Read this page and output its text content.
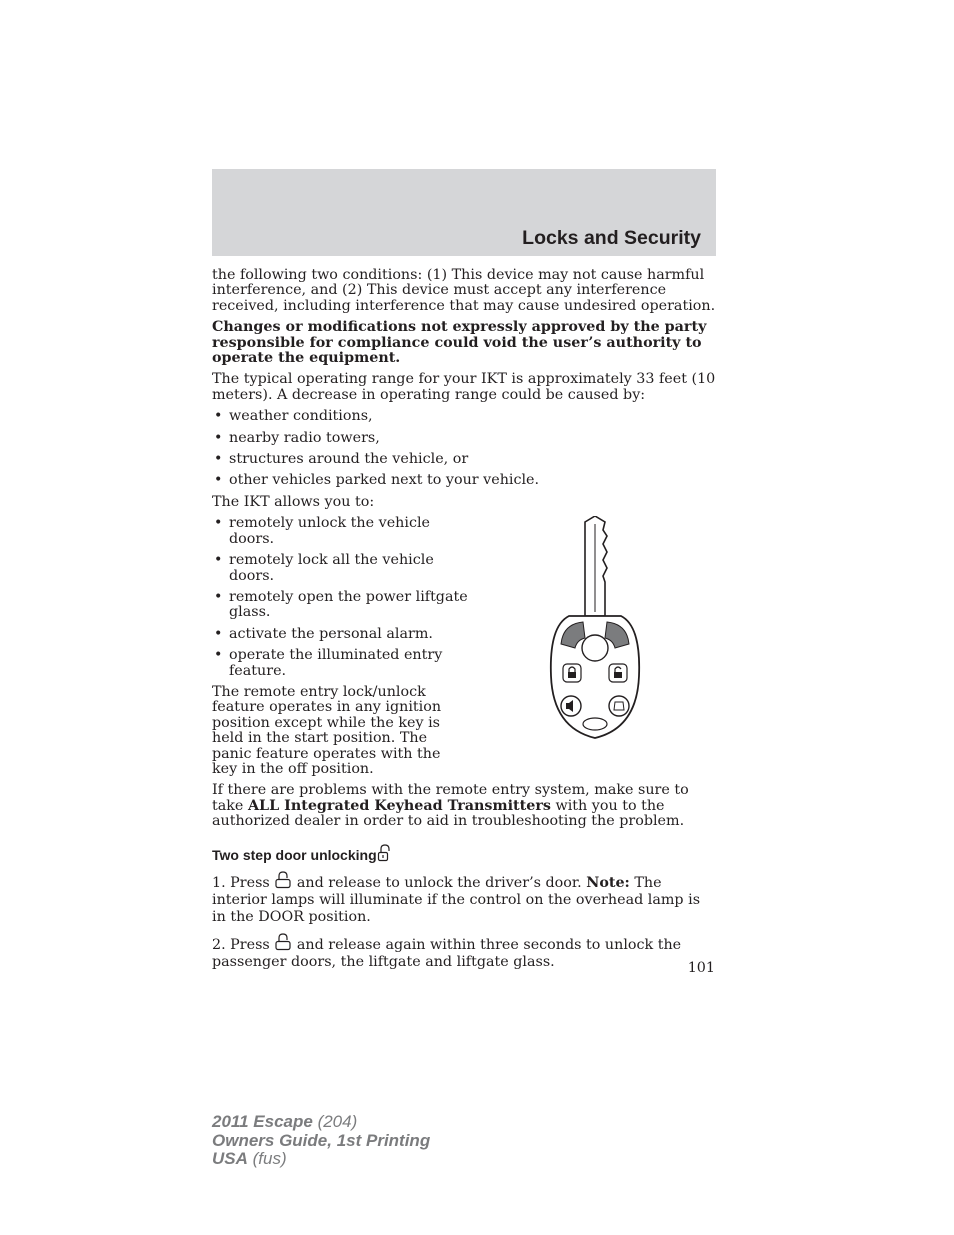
Locks and Security

the following two conditions: (1) This device may not cause harmful interference, and (2) This device must accept any interference received, including interference that may cause undesired operation.

Changes or modifications not expressly approved by the party responsible for compliance could void the user’s authority to operate the equipment.

The typical operating range for your IKT is approximately 33 feet (10 meters). A decrease in operating range could be caused by:

• weather conditions,
• nearby radio towers,
• structures around the vehicle, or
• other vehicles parked next to your vehicle.

The IKT allows you to:

• remotely unlock the vehicle doors.
• remotely lock all the vehicle doors.
• remotely open the power liftgate glass.
• activate the personal alarm.
• operate the illuminated entry feature.

The remote entry lock/unlock feature operates in any ignition position except while the key is held in the start position. The panic feature operates with the key in the off position.

If there are problems with the remote entry system, make sure to take ALL Integrated Keyhead Transmitters with you to the authorized dealer in order to aid in troubleshooting the problem.

Two step door unlocking

1. Press and release to unlock the driver’s door. Note: The interior lamps will illuminate if the control on the overhead lamp is in the DOOR position.

2. Press and release again within three seconds to unlock the passenger doors, the liftgate and liftgate glass.	101
2011 Escape (204)
Owners Guide, 1st Printing
USA (fus)
